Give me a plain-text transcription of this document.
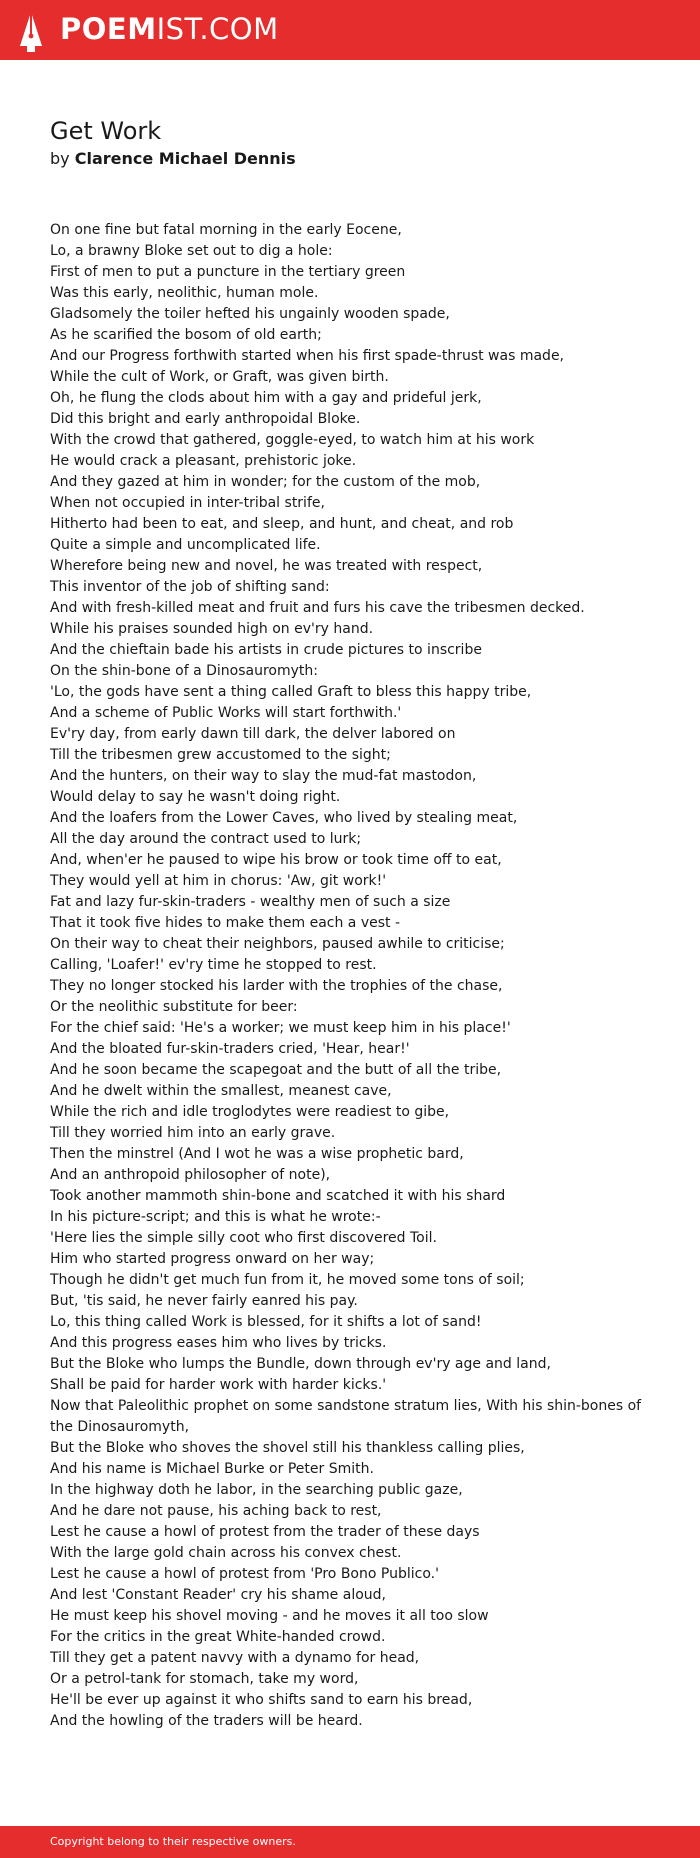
POEMIST.COM
Get Work
by Clarence Michael Dennis
On one fine but fatal morning in the early Eocene,
Lo, a brawny Bloke set out to dig a hole:
First of men to put a puncture in the tertiary green
Was this early, neolithic, human mole.
Gladsomely the toiler hefted his ungainly wooden spade,
As he scarified the bosom of old earth;
And our Progress forthwith started when his first spade-thrust was made,
While the cult of Work, or Graft, was given birth.
Oh, he flung the clods about him with a gay and prideful jerk,
Did this bright and early anthropoidal Bloke.
With the crowd that gathered, goggle-eyed, to watch him at his work
He would crack a pleasant, prehistoric joke.
And they gazed at him in wonder; for the custom of the mob,
When not occupied in inter-tribal strife,
Hitherto had been to eat, and sleep, and hunt, and cheat, and rob
Quite a simple and uncomplicated life.
Wherefore being new and novel, he was treated with respect,
This inventor of the job of shifting sand:
And with fresh-killed meat and fruit and furs his cave the tribesmen decked.
While his praises sounded high on ev'ry hand.
And the chieftain bade his artists in crude pictures to inscribe
On the shin-bone of a Dinosauromyth:
'Lo, the gods have sent a thing called Graft to bless this happy tribe,
And a scheme of Public Works will start forthwith.'
Ev'ry day, from early dawn till dark, the delver labored on
Till the tribesmen grew accustomed to the sight;
And the hunters, on their way to slay the mud-fat mastodon,
Would delay to say he wasn't doing right.
And the loafers from the Lower Caves, who lived by stealing meat,
All the day around the contract used to lurk;
And, when'er he paused to wipe his brow or took time off to eat,
They would yell at him in chorus: 'Aw, git work!'
Fat and lazy fur-skin-traders - wealthy men of such a size
That it took five hides to make them each a vest -
On their way to cheat their neighbors, paused awhile to criticise;
Calling, 'Loafer!' ev'ry time he stopped to rest.
They no longer stocked his larder with the trophies of the chase,
Or the neolithic substitute for beer:
For the chief said: 'He's a worker; we must keep him in his place!'
And the bloated fur-skin-traders cried, 'Hear, hear!'
And he soon became the scapegoat and the butt of all the tribe,
And he dwelt within the smallest, meanest cave,
While the rich and idle troglodytes were readiest to gibe,
Till they worried him into an early grave.
Then the minstrel (And I wot he was a wise prophetic bard,
And an anthropoid philosopher of note),
Took another mammoth shin-bone and scatched it with his shard
In his picture-script; and this is what he wrote:-
'Here lies the simple silly coot who first discovered Toil.
Him who started progress onward on her way;
Though he didn't get much fun from it, he moved some tons of soil;
But, 'tis said, he never fairly eanred his pay.
Lo, this thing called Work is blessed, for it shifts a lot of sand!
And this progress eases him who lives by tricks.
But the Bloke who lumps the Bundle, down through ev'ry age and land,
Shall be paid for harder work with harder kicks.'
Now that Paleolithic prophet on some sandstone stratum lies, With his shin-bones of the Dinosauromyth,
But the Bloke who shoves the shovel still his thankless calling plies,
And his name is Michael Burke or Peter Smith.
In the highway doth he labor, in the searching public gaze,
And he dare not pause, his aching back to rest,
Lest he cause a howl of protest from the trader of these days
With the large gold chain across his convex chest.
Lest he cause a howl of protest from 'Pro Bono Publico.'
And lest 'Constant Reader' cry his shame aloud,
He must keep his shovel moving - and he moves it all too slow
For the critics in the great White-handed crowd.
Till they get a patent navvy with a dynamo for head,
Or a petrol-tank for stomach, take my word,
He'll be ever up against it who shifts sand to earn his bread,
And the howling of the traders will be heard.
Copyright belong to their respective owners.
